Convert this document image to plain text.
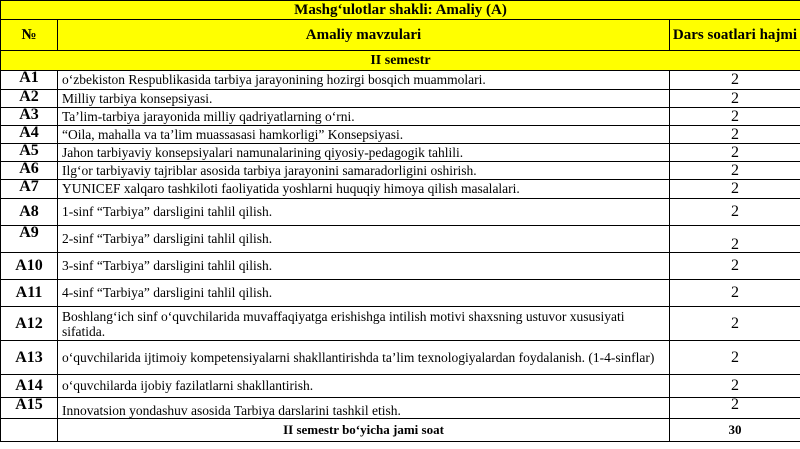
Mashg‘ulotlar shakli: Amaliy (A)		
№	Amaliy mavzulari	Dars soatlari hajmi
II semestr		
A1	o‘zbekiston Respublikasida tarbiya jarayonining hozirgi bosqich muammolari.	2
A2	Milliy tarbiya konsepsiyasi.	2
A3	Ta’lim-tarbiya jarayonida milliy qadriyatlarning o‘rni.	2
A4	“Oila, mahalla va ta’lim muassasasi hamkorligi” Konsepsiyasi.	2
A5	Jahon tarbiyaviy konsepsiyalari namunalarining qiyosiy-pedagogik tahlili.	2
A6	Ilg‘or tarbiyaviy tajriblar asosida tarbiya jarayonini samaradorligini oshirish.	2
A7	YUNICEF xalqaro tashkiloti faoliyatida yoshlarni huquqiy himoya qilish masalalari.	2
A8	1-sinf “Tarbiya” darsligini tahlil qilish.	2
A9	2-sinf “Tarbiya” darsligini tahlil qilish.	2
A10	3-sinf “Tarbiya” darsligini tahlil qilish.	2
A11	4-sinf “Tarbiya” darsligini tahlil qilish.	2
A12	Boshlang‘ich sinf o‘quvchilarida muvaffaqiyatga erishishga intilish motivi shaxsning ustuvor xususiyati sifatida.	2
A13	o‘quvchilarida ijtimoiy kompetensiyalarni shakllantirishda ta’lim texnologiyalardan foydalanish. (1-4-sinflar)	2
A14	o‘quvchilarda ijobiy fazilatlarni shakllantirish.	2
A15	Innovatsion yondashuv asosida Tarbiya darslarini tashkil etish.	2
	II semestr bo‘yicha jami soat	30
